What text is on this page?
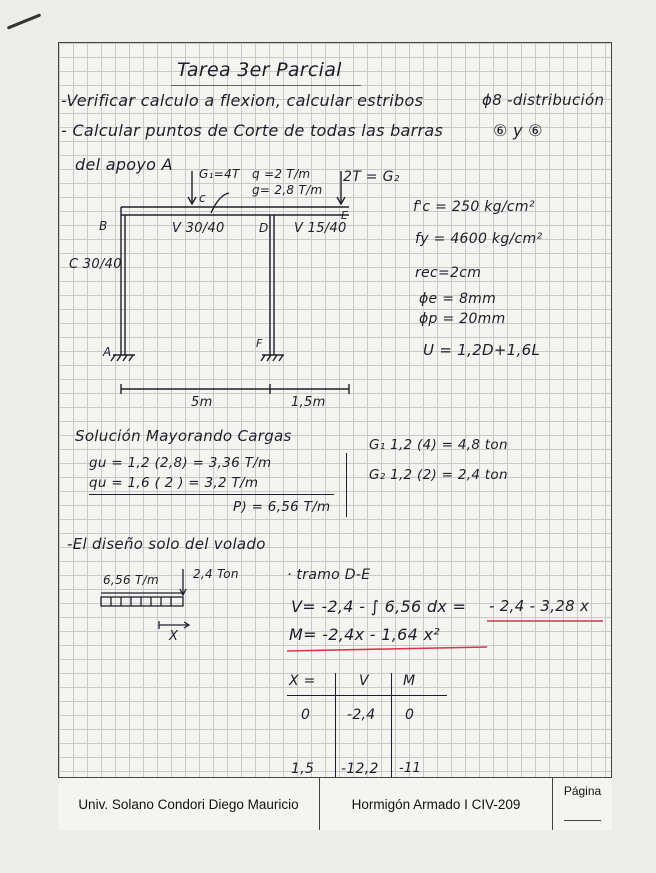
Tarea 3er Parcial
-Verificar calculo a flexion, calcular estribos	ϕ8 -distribución
- Calcular puntos de Corte de todas las barras	⑥ y ⑥
del apoyo A G₁=4T q =2 T/m
g= 2,8 T/m
2T = G₂
c
B	V 30/40	D V 15/40
E
C 30/40
A
F
5m	1,5m
f'c = 250 kg/cm²
fy = 4600 kg/cm²
rec=2cm
ϕe = 8mm
ϕp = 20mm
U = 1,2D+1,6L
Solución Mayorando Cargas
gu = 1,2 (2,8) = 3,36 T/m
qu = 1,6 ( 2 ) = 3,2 T/m
P) = 6,56 T/m
G₁ 1,2 (4) = 4,8 ton
G₂ 1,2 (2) = 2,4 ton
-El diseño solo del volado
6,56 T/m	2,4 Ton
X
· tramo D-E
V= -2,4 - ∫ 6,56 dx = - 2,4 - 3,28 x
M= -2,4x - 1,64 x²
X =	V M
0	-2,4 0
1,5 -12,2 -11
Univ. Solano Condori Diego Mauricio	Hormigón Armado I CIV-209
Página
